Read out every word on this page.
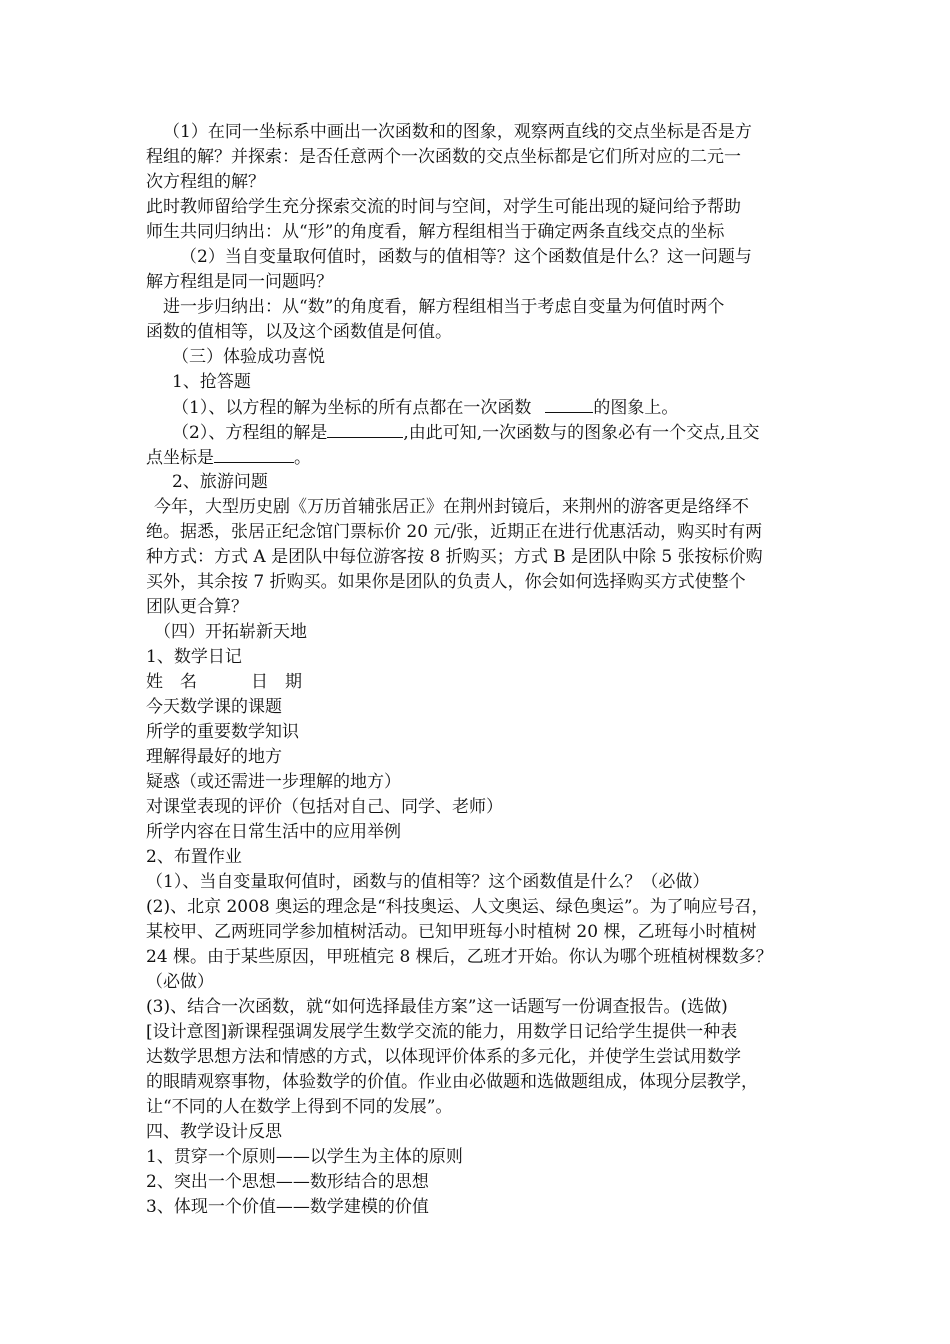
（1）在同一坐标系中画出一次函数和的图象，观察两直线的交点坐标是否是方
程组的解？并探索：是否任意两个一次函数的交点坐标都是它们所对应的二元一
次方程组的解？
此时教师留给学生充分探索交流的时间与空间，对学生可能出现的疑问给予帮助
师生共同归纳出：从“形”的角度看，解方程组相当于确定两条直线交点的坐标
（2）当自变量取何值时，函数与的值相等？这个函数值是什么？这一问题与
解方程组是同一问题吗？
进一步归纳出：从“数”的角度看，解方程组相当于考虑自变量为何值时两个
函数的值相等，以及这个函数值是何值。
（三）体验成功喜悦
1、抢答题
（1）、以方程的解为坐标的所有点都在一次函数	的图象上。
（2）、方程组的解是	,由此可知,一次函数与的图象必有一个交点,且交
点坐标是	。
2、旅游问题
今年，大型历史剧《万历首辅张居正》在荆州封镜后，来荆州的游客更是络绎不
绝。据悉，张居正纪念馆门票标价 20 元/张，近期正在进行优惠活动，购买时有两
种方式：方式 A 是团队中每位游客按 8 折购买；方式 B 是团队中除 5 张按标价购
买外，其余按 7 折购买。如果你是团队的负责人，你会如何选择购买方式使整个
团队更合算？
（四）开拓崭新天地
1、数学日记
姓　名	日　期
今天数学课的课题
所学的重要数学知识
理解得最好的地方
疑惑（或还需进一步理解的地方）
对课堂表现的评价（包括对自己、同学、老师）
所学内容在日常生活中的应用举例
2、布置作业
（1）、当自变量取何值时，函数与的值相等？这个函数值是什么？（必做）
(2)、北京 2008 奥运的理念是“科技奥运、人文奥运、绿色奥运”。为了响应号召，
某校甲、乙两班同学参加植树活动。已知甲班每小时植树 20 棵，乙班每小时植树
24 棵。由于某些原因，甲班植完 8 棵后，乙班才开始。你认为哪个班植树棵数多？
（必做）
(3)、结合一次函数，就“如何选择最佳方案”这一话题写一份调查报告。(选做)
[设计意图]新课程强调发展学生数学交流的能力，用数学日记给学生提供一种表
达数学思想方法和情感的方式，以体现评价体系的多元化，并使学生尝试用数学
的眼睛观察事物，体验数学的价值。作业由必做题和选做题组成，体现分层教学，
让“不同的人在数学上得到不同的发展”。
四、教学设计反思
1、贯穿一个原则——以学生为主体的原则
2、突出一个思想——数形结合的思想
3、体现一个价值——数学建模的价值
